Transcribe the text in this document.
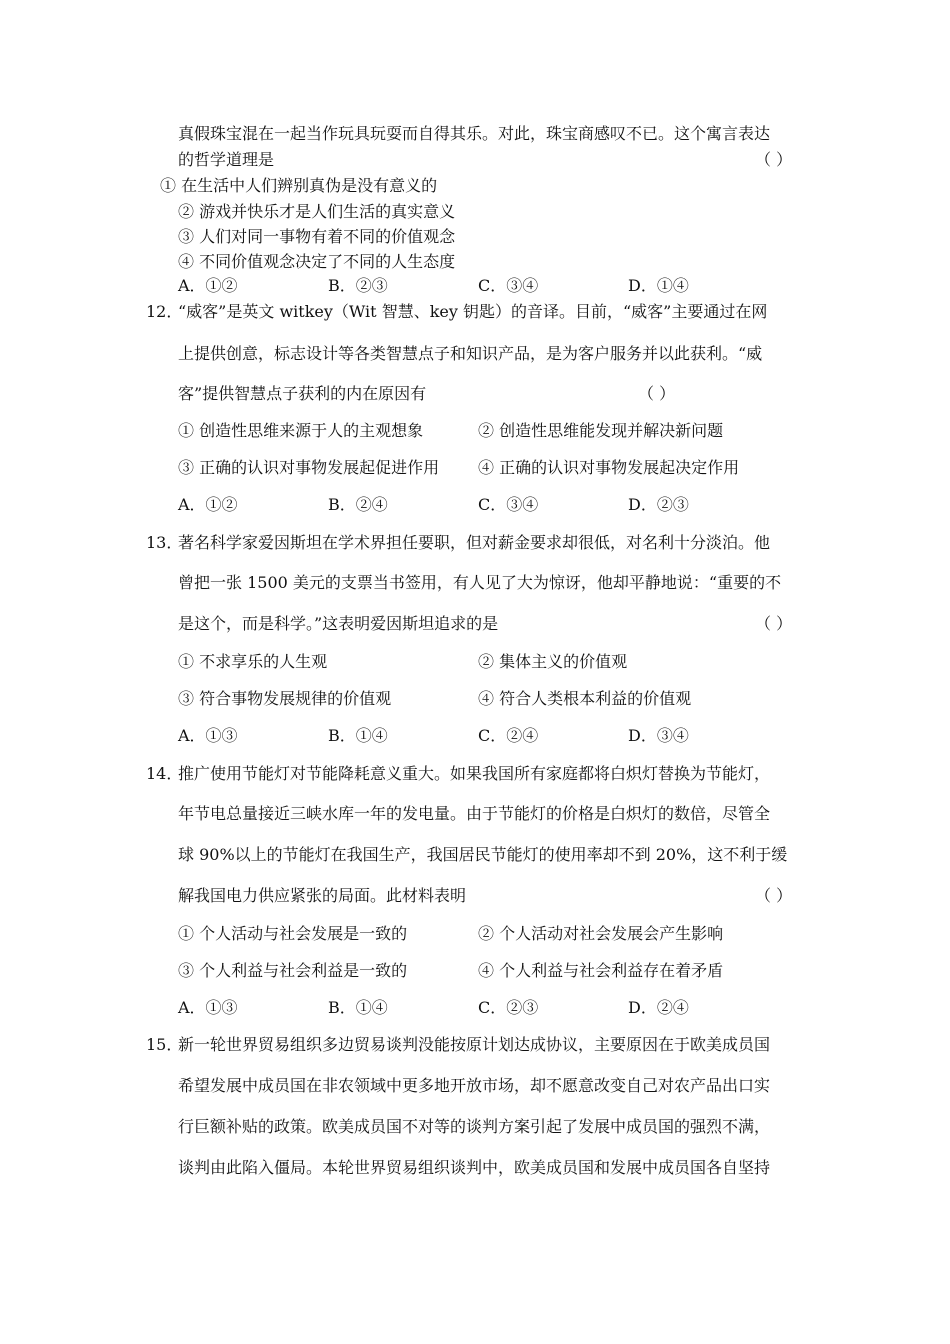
真假珠宝混在一起当作玩具玩耍而自得其乐。对此，珠宝商感叹不已。这个寓言表达
的哲学道理是	（ ）
① 在生活中人们辨别真伪是没有意义的
② 游戏并快乐才是人们生活的真实意义
③ 人们对同一事物有着不同的价值观念
④ 不同价值观念决定了不同的人生态度
A．①②	B．②③	C．③④	D．①④
12．
“威客”是英文 witkey（Wit 智慧、key 钥匙）的音译。目前，“威客”主要通过在网
上提供创意，标志设计等各类智慧点子和知识产品，是为客户服务并以此获利。“威
客”提供智慧点子获利的内在原因有	（ ）
① 创造性思维来源于人的主观想象	② 创造性思维能发现并解决新问题
③ 正确的认识对事物发展起促进作用 ④ 正确的认识对事物发展起决定作用
A．①②	B．②④	C．③④	D．②③
13．
著名科学家爱因斯坦在学术界担任要职，但对薪金要求却很低，对名利十分淡泊。他
曾把一张 1500 美元的支票当书签用，有人见了大为惊讶，他却平静地说：“重要的不
是这个，而是科学。”这表明爱因斯坦追求的是	（ ）
① 不求享乐的人生观	② 集体主义的价值观
③ 符合事物发展规律的价值观	④ 符合人类根本利益的价值观
A．①③	B．①④	C．②④	D．③④
14．
推广使用节能灯对节能降耗意义重大。如果我国所有家庭都将白炽灯替换为节能灯，
年节电总量接近三峡水库一年的发电量。由于节能灯的价格是白炽灯的数倍，尽管全
球 90%以上的节能灯在我国生产，我国居民节能灯的使用率却不到 20%，这不利于缓
解我国电力供应紧张的局面。此材料表明	（ ）
① 个人活动与社会发展是一致的	② 个人活动对社会发展会产生影响
③ 个人利益与社会利益是一致的	④ 个人利益与社会利益存在着矛盾
A．①③	B．①④	C．②③	D．②④
15．
新一轮世界贸易组织多边贸易谈判没能按原计划达成协议，主要原因在于欧美成员国
希望发展中成员国在非农领域中更多地开放市场，却不愿意改变自己对农产品出口实
行巨额补贴的政策。欧美成员国不对等的谈判方案引起了发展中成员国的强烈不满，
谈判由此陷入僵局。本轮世界贸易组织谈判中，欧美成员国和发展中成员国各自坚持
